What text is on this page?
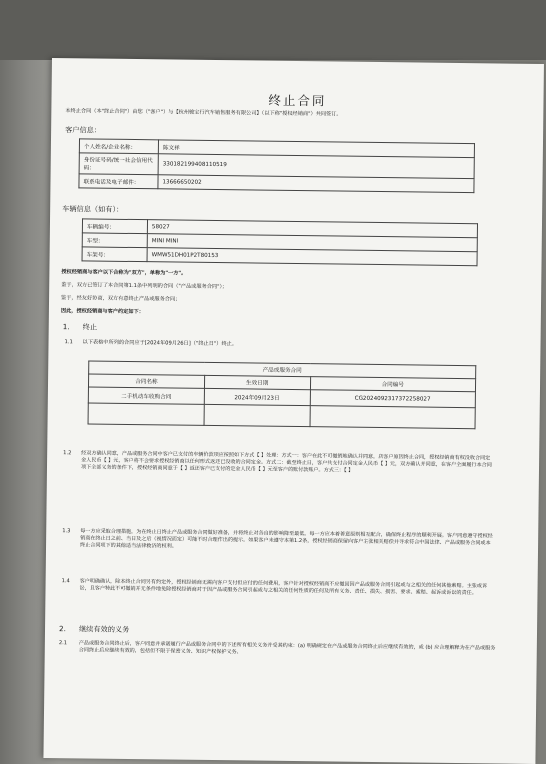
终止合同
本终止合同（本"终止合同"）由您（"客户"）与【杭州骏宝行汽车销售服务有限公司】（以下称"授权经销商"）共同签订。
客户信息：
个人姓名/企业名称：	陈文祥
身份证号码/统一社会信用代码：	330182199408110519
联系电话及电子邮件：	13666650202
车辆信息（如有）：
车辆编号：	58027
车型：	MINI MINI
车架号：	WMW51DH01P2T80153
授权经销商与客户以下合称为"双方"，单称为"一方"。
鉴于，双方已签订了本合同第1.1条中列明的合同（"产品或服务合同"）；
鉴于，经友好协商，双方有意终止产品或服务合同；
因此，授权经销商与客户约定如下：
1. 终止
1.1 以下表格中所列的合同应于[2024年09月26日]（"终止日"）终止。
产品或服务合同		
合同名称	生效日期	合同编号
二手机动车收购合同	2024年09月23日	CG20240923173722580​27

1.2 经双方确认同意，产品或服务合同中客户已支付的车辆价款项应按照如下方式【 】处理：方式一：客户在此不可撤销地确认并同意，店客户原因终止合同，授权经销商有权没收合同定金人民币【 】元，客户将不会要求授权经销商以任何形式返还已没收的合同定金。方式二：截至终止日，客户共支付合同定金人民币【 】元，双方确认并同意，在客户全面履行本合同项下全部义务的条件下，授权经销商同意于【 】返还客户已支付的定金人民币【 】元至客户的账付款账户。方式三：【 】
1.3 每一方应采取合理措施，为在终止日终止产品或服务合同做好准备，并将终止对各自的影响降至最低。每一方应本着善意原则相互配合，确保终止程序的顺利开展。客户同意遵守授权经销商在终止日之前、当日及之后（视情况而定）可能不时合理作出的提示。如果客户未遵守本第1.2条，授权经销商保留向客户主张相关赔偿并寻求符合中国法律、产品或服务合同或本终止合同项下的其他适当法律救济的权利。
1.4 客户明确确认，除本终止合同另有约定外，授权经销商无需向客户支付但应付的任何费用，客户针对授权经销商不应撤回因产品或服务合同引起或与之相关的任何其他索赔。主张或诉讼，且客户特此不可撤销并无条件地免除授权经销商对于因产品或服务合同引起或与之相关的任何性质的任何及所有义务、责任、损失、损害、要求、索赔、起诉或诉讼的责任。
2. 继续有效的义务
2.1 产品或服务合同终止后，客户同意并承诺履行产品或服务合同中的下述所有相关义务并受其约束：(a) 明确规定在产品或服务合同终止后应继续有效的，或 (b) 应合理解释为在产品或服务合同终止后应继续有效的，包括但不限于保密义务、知识产权保护义务、
